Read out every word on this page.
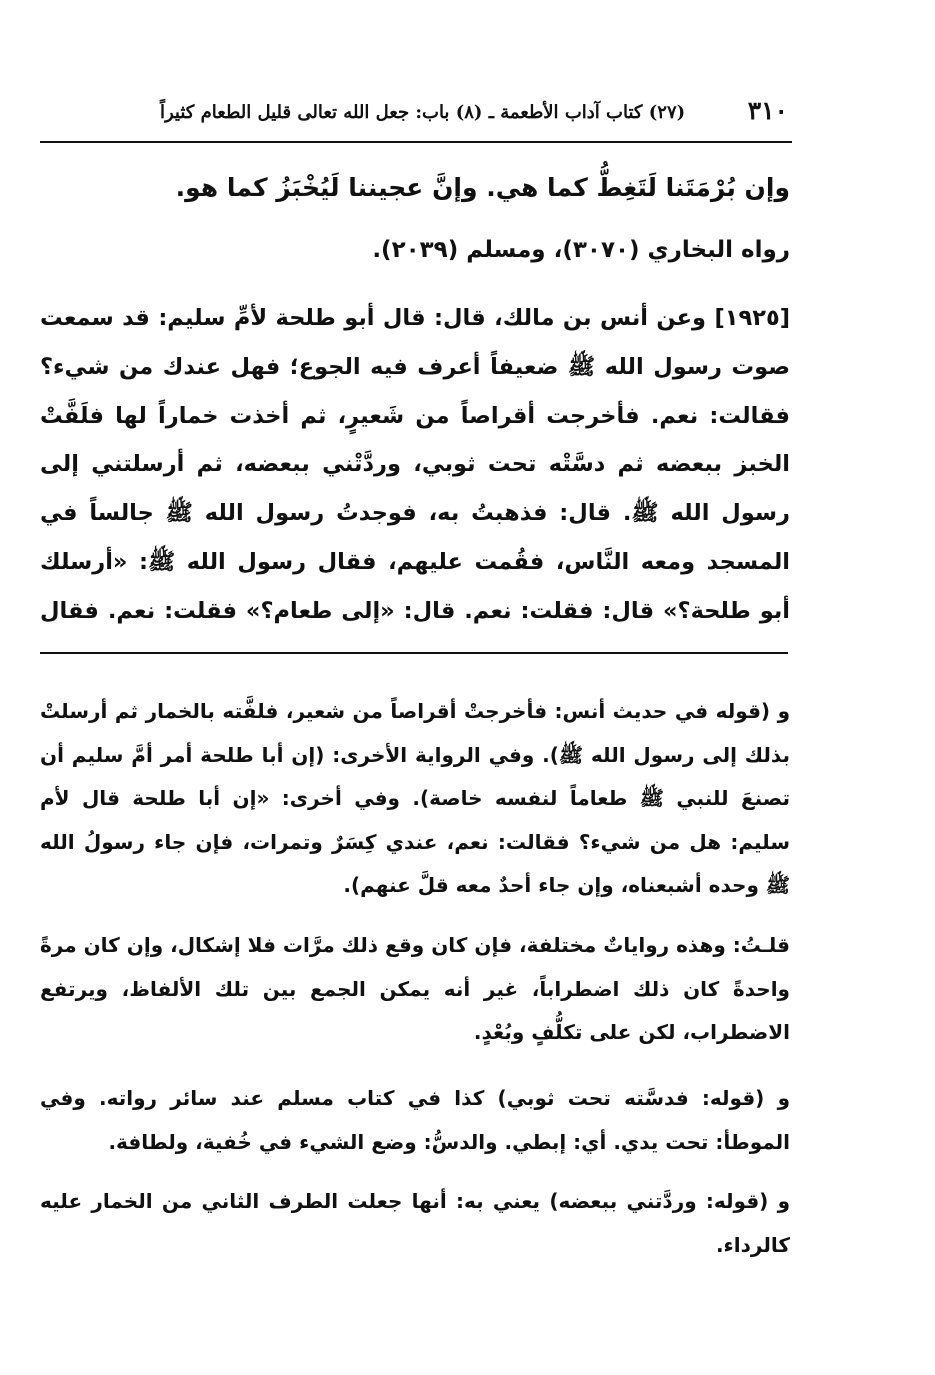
٣١٠
(٢٧) كتاب آداب الأطعمة ـ (٨) باب: جعل الله تعالى قليل الطعام كثيراً

وإن بُرْمَتَنا لَتَغِطُّ كما هي. وإنَّ عجيننا لَيُخْبَزُ كما هو.

رواه البخاري (٣٠٧٠)، ومسلم (٢٠٣٩).

[١٩٢٥] وعن أنس بن مالك، قال: قال أبو طلحة لأمِّ سليم: قد سمعت صوت رسول الله ﷺ ضعيفاً أعرف فيه الجوع؛ فهل عندك من شيء؟ فقالت: نعم. فأخرجت أقراصاً من شَعيرٍ، ثم أخذت خماراً لها فلَفَّتْ الخبز ببعضه ثم دسَّتْه تحت ثوبي، وردَّتْني ببعضه، ثم أرسلتني إلى رسول الله ﷺ. قال: فذهبتُ به، فوجدتُ رسول الله ﷺ جالساً في المسجد ومعه النَّاس، فقُمت عليهم، فقال رسول الله ﷺ: «أرسلك أبو طلحة؟» قال: فقلت: نعم. قال: «إلى طعام؟» فقلت: نعم. فقال

و (قوله في حديث أنس: فأخرجتْ أقراصاً من شعير، فلفَّته بالخمار ثم أرسلتْ بذلك إلى رسول الله ﷺ). وفي الرواية الأخرى: (إن أبا طلحة أمر أمَّ سليم أن تصنعَ للنبي ﷺ طعاماً لنفسه خاصة). وفي أخرى: «إن أبا طلحة قال لأم سليم: هل من شيء؟ فقالت: نعم، عندي كِسَرٌ وتمرات، فإن جاء رسولُ الله ﷺ وحده أشبعناه، وإن جاء أحدٌ معه قلَّ عنهم).

قلـتُ: وهذه رواياتٌ مختلفة، فإن كان وقع ذلك مرَّات فلا إشكال، وإن كان مرةً واحدةً كان ذلك اضطراباً، غير أنه يمكن الجمع بين تلك الألفاظ، ويرتفع الاضطراب، لكن على تكلُّفٍ وبُعْدٍ.

و (قوله: فدسَّته تحت ثوبي) كذا في كتاب مسلم عند سائر رواته. وفي الموطأ: تحت يدي. أي: إبطي. والدسُّ: وضع الشيء في خُفية، ولطافة.

و (قوله: وردَّتني ببعضه) يعني به: أنها جعلت الطرف الثاني من الخمار عليه كالرداء.
